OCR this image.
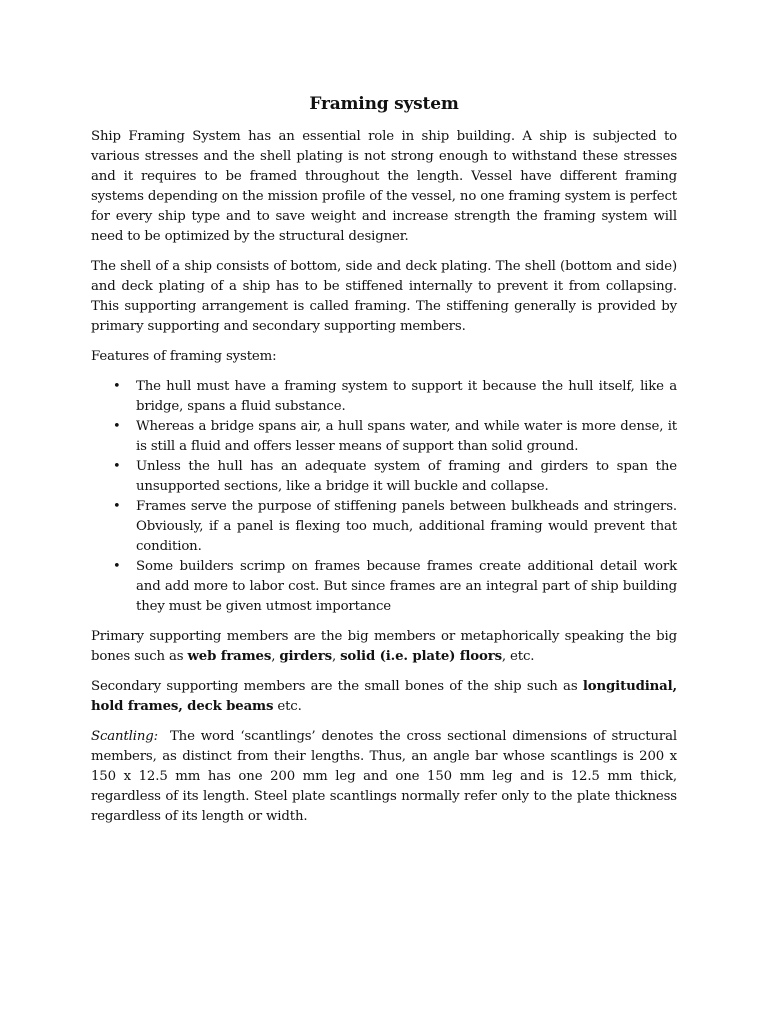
Framing system

Ship Framing System has an essential role in ship building. A ship is subjected to various stresses and the shell plating is not strong enough to withstand these stresses and it requires to be framed throughout the length. Vessel have different framing systems depending on the mission profile of the vessel, no one framing system is perfect for every ship type and to save weight and increase strength the framing system will need to be optimized by the structural designer.

The shell of a ship consists of bottom, side and deck plating. The shell (bottom and side) and deck plating of a ship has to be stiffened internally to prevent it from collapsing. This supporting arrangement is called framing. The stiffening generally is provided by primary supporting and secondary supporting members.

Features of framing system:

• The hull must have a framing system to support it because the hull itself, like a bridge, spans a fluid substance.
• Whereas a bridge spans air, a hull spans water, and while water is more dense, it is still a fluid and offers lesser means of support than solid ground.
• Unless the hull has an adequate system of framing and girders to span the unsupported sections, like a bridge it will buckle and collapse.
• Frames serve the purpose of stiffening panels between bulkheads and stringers. Obviously, if a panel is flexing too much, additional framing would prevent that condition.
• Some builders scrimp on frames because frames create additional detail work and add more to labor cost. But since frames are an integral part of ship building they must be given utmost importance

Primary supporting members are the big members or metaphorically speaking the big bones such as web frames, girders, solid (i.e. plate) floors, etc.

Secondary supporting members are the small bones of the ship such as longitudinal, hold frames, deck beams etc.

Scantling: The word ‘scantlings’ denotes the cross sectional dimensions of structural members, as distinct from their lengths. Thus, an angle bar whose scantlings is 200 x 150 x 12.5 mm has one 200 mm leg and one 150 mm leg and is 12.5 mm thick, regardless of its length. Steel plate scantlings normally refer only to the plate thickness regardless of its length or width.
